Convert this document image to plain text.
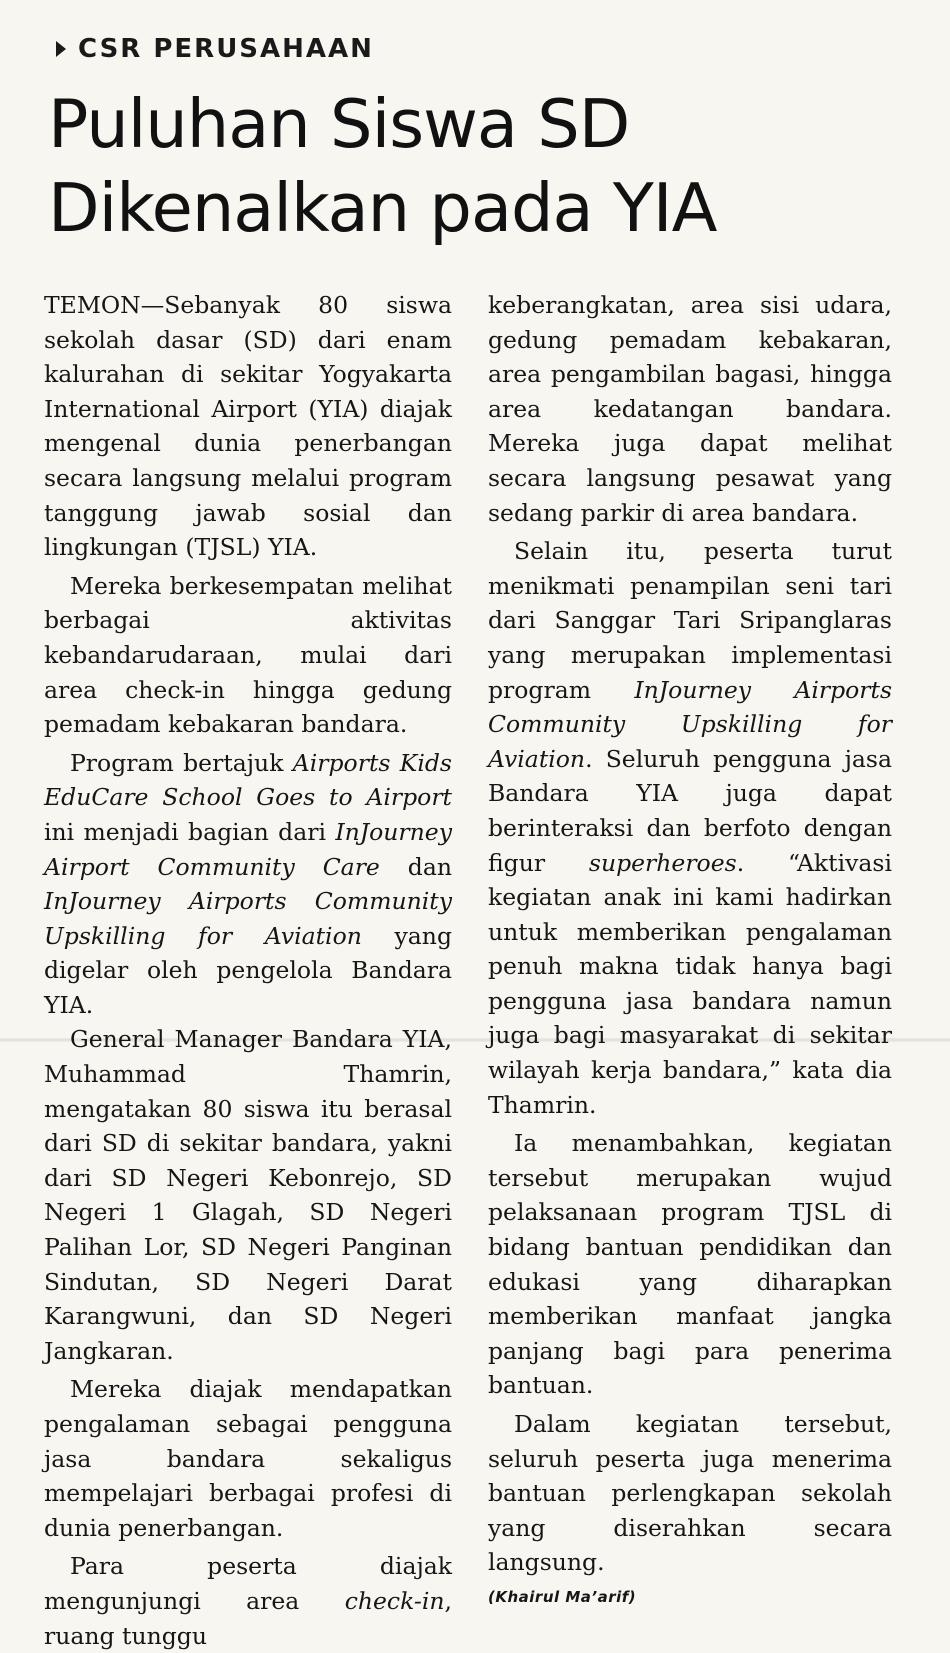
CSR PERUSAHAAN
Puluhan Siswa SD
Dikenalkan pada YIA

TEMON—Sebanyak 80 siswa sekolah dasar (SD) dari enam kalurahan di sekitar Yogyakarta International Airport (YIA) diajak mengenal dunia penerbangan secara langsung melalui program tanggung jawab sosial dan lingkungan (TJSL) YIA.

Mereka berkesempatan melihat berbagai aktivitas kebandarudaraan, mulai dari area check-in hingga gedung pemadam kebakaran bandara.

Program bertajuk Airports Kids EduCare School Goes to Airport ini menjadi bagian dari InJourney Airport Community Care dan InJourney Airports Community Upskilling for Aviation yang digelar oleh pengelola Bandara YIA.

General Manager Bandara YIA, Muhammad Thamrin, mengatakan 80 siswa itu berasal dari SD di sekitar bandara, yakni dari SD Negeri Kebonrejo, SD Negeri 1 Glagah, SD Negeri Palihan Lor, SD Negeri Panginan Sindutan, SD Negeri Darat Karangwuni, dan SD Negeri Jangkaran.

Mereka diajak mendapatkan pengalaman sebagai pengguna jasa bandara sekaligus mempelajari berbagai profesi di dunia penerbangan.

Para peserta diajak mengunjungi area check-in, ruang tunggu

keberangkatan, area sisi udara, gedung pemadam kebakaran, area pengambilan bagasi, hingga area kedatangan bandara. Mereka juga dapat melihat secara langsung pesawat yang sedang parkir di area bandara.

Selain itu, peserta turut menikmati penampilan seni tari dari Sanggar Tari Sripanglaras yang merupakan implementasi program InJourney Airports Community Upskilling for Aviation. Seluruh pengguna jasa Bandara YIA juga dapat berinteraksi dan berfoto dengan figur superheroes. “Aktivasi kegiatan anak ini kami hadirkan untuk memberikan pengalaman penuh makna tidak hanya bagi pengguna jasa bandara namun juga bagi masyarakat di sekitar wilayah kerja bandara,” kata dia Thamrin.

Ia menambahkan, kegiatan tersebut merupakan wujud pelaksanaan program TJSL di bidang bantuan pendidikan dan edukasi yang diharapkan memberikan manfaat jangka panjang bagi para penerima bantuan.

Dalam kegiatan tersebut, seluruh peserta juga menerima bantuan perlengkapan sekolah yang diserahkan secara langsung.

(Khairul Ma’arif)
